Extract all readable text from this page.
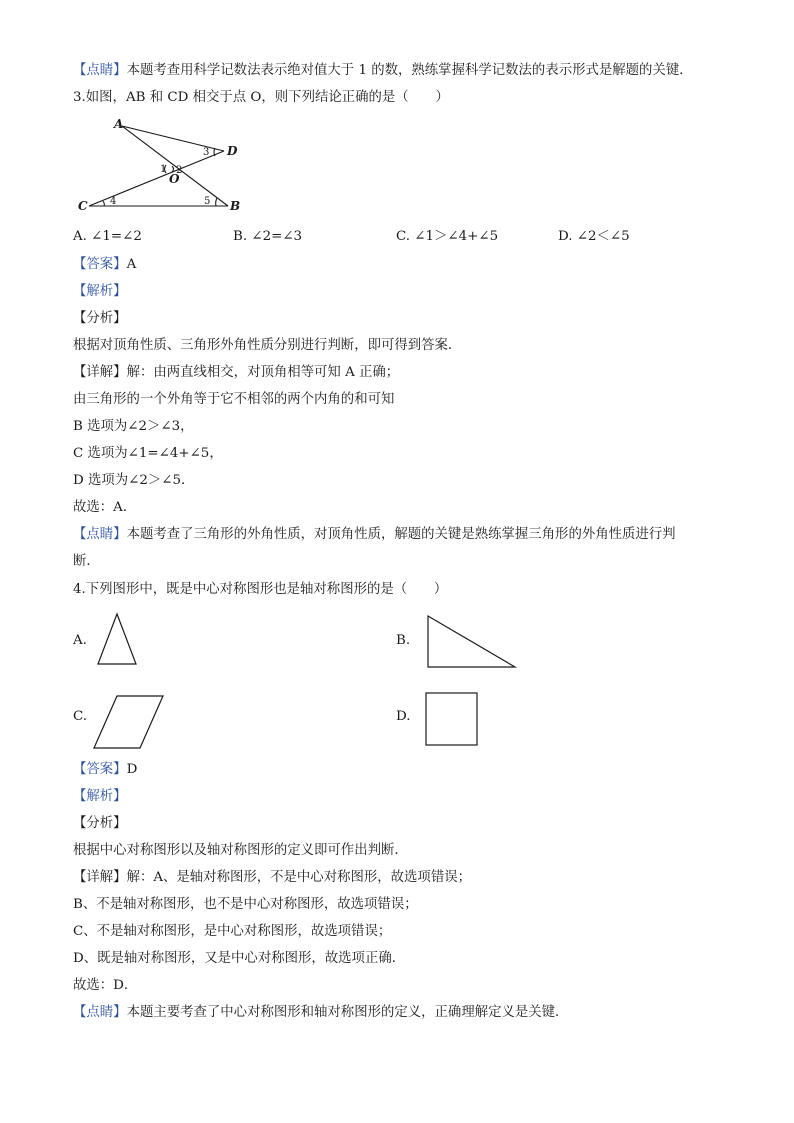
【点睛】本题考查用科学记数法表示绝对值大于 1 的数，熟练掌握科学记数法的表示形式是解题的关键．
3.如图，AB 和 CD 相交于点 O，则下列结论正确的是（　　）
A
D
C	B
O
1 2
3
4	5
A. ∠1=∠2	B. ∠2=∠3	C. ∠1＞∠4+∠5	D. ∠2＜∠5
【答案】A
【解析】
【分析】
根据对顶角性质、三角形外角性质分别进行判断，即可得到答案．
【详解】解：由两直线相交，对顶角相等可知 A 正确；
由三角形的一个外角等于它不相邻的两个内角的和可知
B 选项为∠2＞∠3，
C 选项为∠1=∠4+∠5，
D 选项为∠2＞∠5．
故选：A．
【点睛】本题考查了三角形的外角性质，对顶角性质，解题的关键是熟练掌握三角形的外角性质进行判
断．
4.下列图形中，既是中心对称图形也是轴对称图形的是（　　）
A.	B.
C.	D.
【答案】D
【解析】
【分析】
根据中心对称图形以及轴对称图形的定义即可作出判断．
【详解】解：A、是轴对称图形，不是中心对称图形，故选项错误；
B、不是轴对称图形，也不是中心对称图形，故选项错误；
C、不是轴对称图形，是中心对称图形，故选项错误；
D、既是轴对称图形，又是中心对称图形，故选项正确．
故选：D．
【点睛】本题主要考查了中心对称图形和轴对称图形的定义，正确理解定义是关键．
